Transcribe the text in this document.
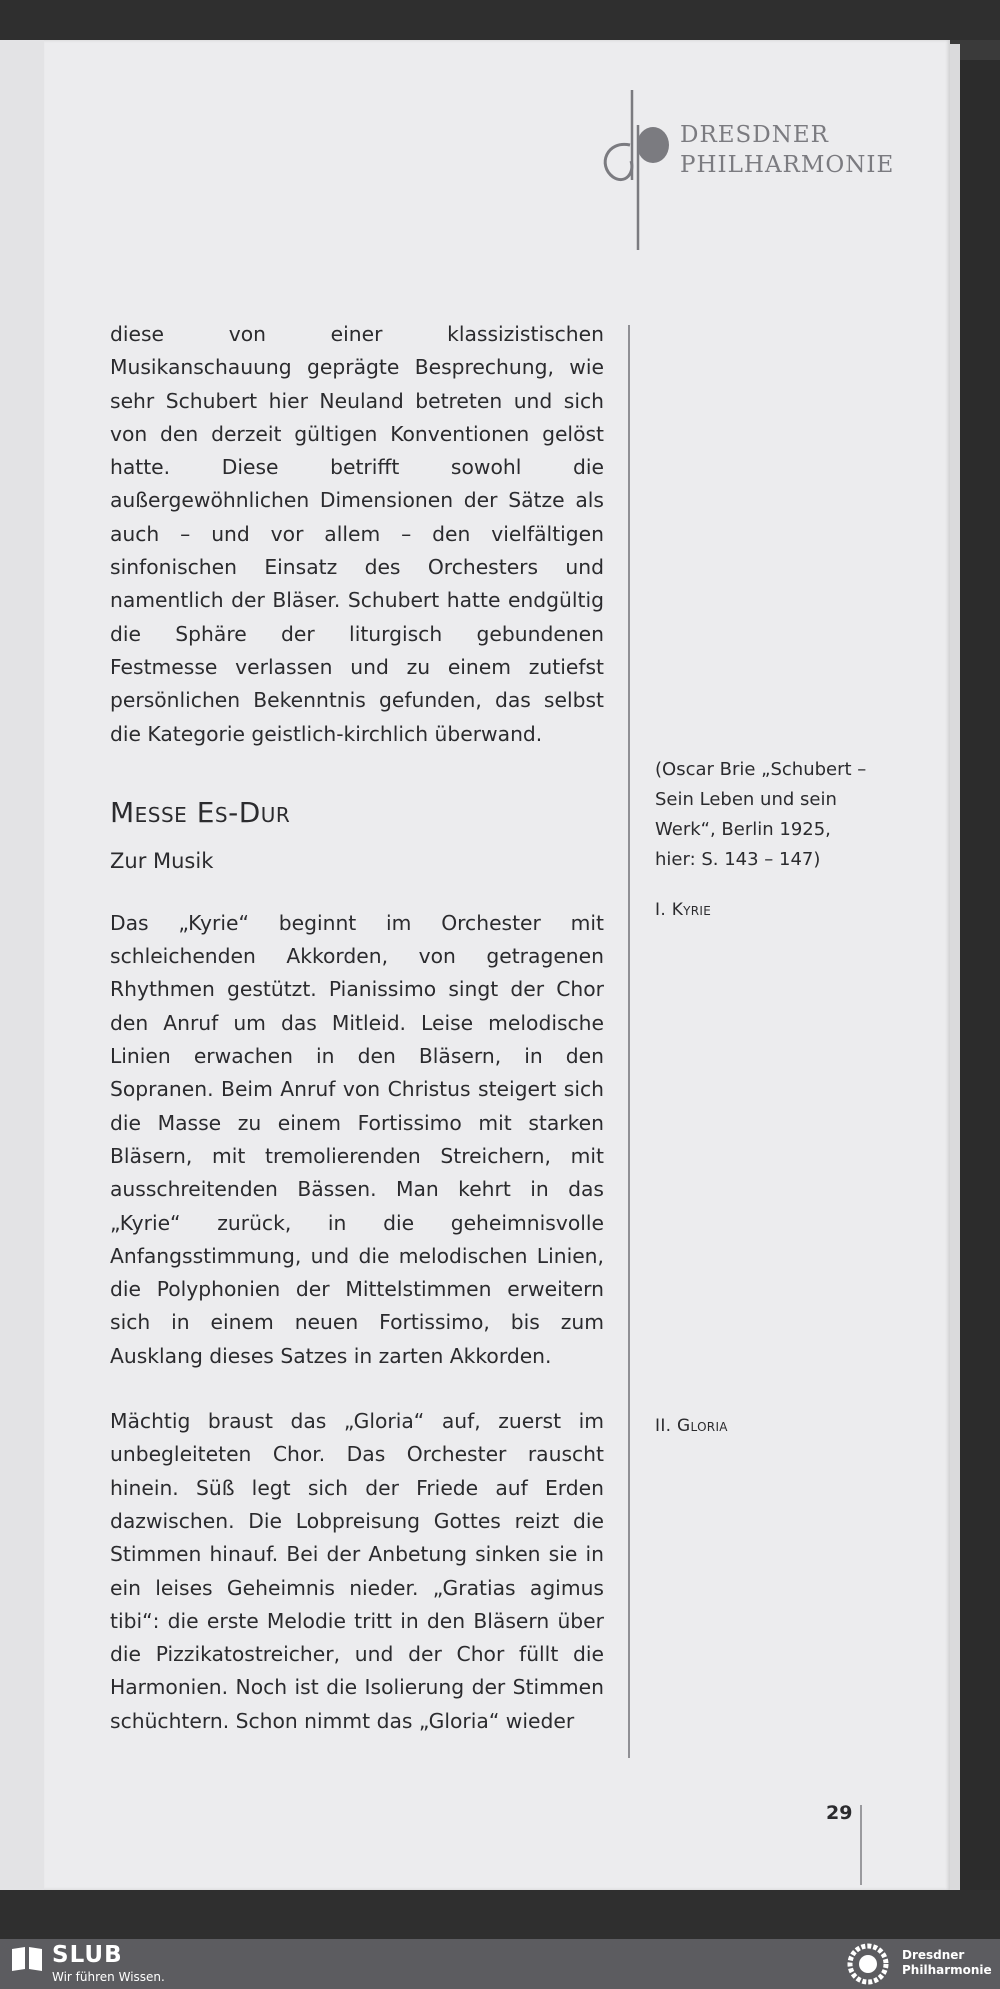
DRESDNER
PHILHARMONIE

diese von einer klassizistischen Musikanschauung geprägte Besprechung, wie sehr Schubert hier Neuland betreten und sich von den derzeit gültigen Konventionen gelöst hatte. Diese betrifft sowohl die außergewöhnlichen Dimensionen der Sätze als auch – und vor allem – den vielfältigen sinfonischen Einsatz des Orchesters und namentlich der Bläser. Schubert hatte endgültig die Sphäre der liturgisch gebundenen Festmesse verlassen und zu einem zutiefst persönlichen Bekenntnis gefunden, das selbst die Kategorie geistlich-kirchlich überwand.

Messe Es-Dur
Zur Musik

Das „Kyrie“ beginnt im Orchester mit schleichenden Akkorden, von getragenen Rhythmen gestützt. Pianissimo singt der Chor den Anruf um das Mitleid. Leise melodische Linien erwachen in den Bläsern, in den Sopranen. Beim Anruf von Christus steigert sich die Masse zu einem Fortissimo mit starken Bläsern, mit tremolierenden Streichern, mit ausschreitenden Bässen. Man kehrt in das „Kyrie“ zurück, in die geheimnisvolle Anfangsstimmung, und die melodischen Linien, die Polyphonien der Mittelstimmen erweitern sich in einem neuen Fortissimo, bis zum Ausklang dieses Satzes in zarten Akkorden.

Mächtig braust das „Gloria“ auf, zuerst im unbegleiteten Chor. Das Orchester rauscht hinein. Süß legt sich der Friede auf Erden dazwischen. Die Lobpreisung Gottes reizt die Stimmen hinauf. Bei der Anbetung sinken sie in ein leises Geheimnis nieder. „Gratias agimus tibi“: die erste Melodie tritt in den Bläsern über die Pizzikatostreicher, und der Chor füllt die Harmonien. Noch ist die Isolierung der Stimmen schüchtern. Schon nimmt das „Gloria“ wieder

(Oscar Brie „Schubert –
Sein Leben und sein
Werk“, Berlin 1925,
hier: S. 143 – 147)
I. Kyrie
II. Gloria
29
SLUB
Wir führen Wissen.
Dresdner
Philharmonie
